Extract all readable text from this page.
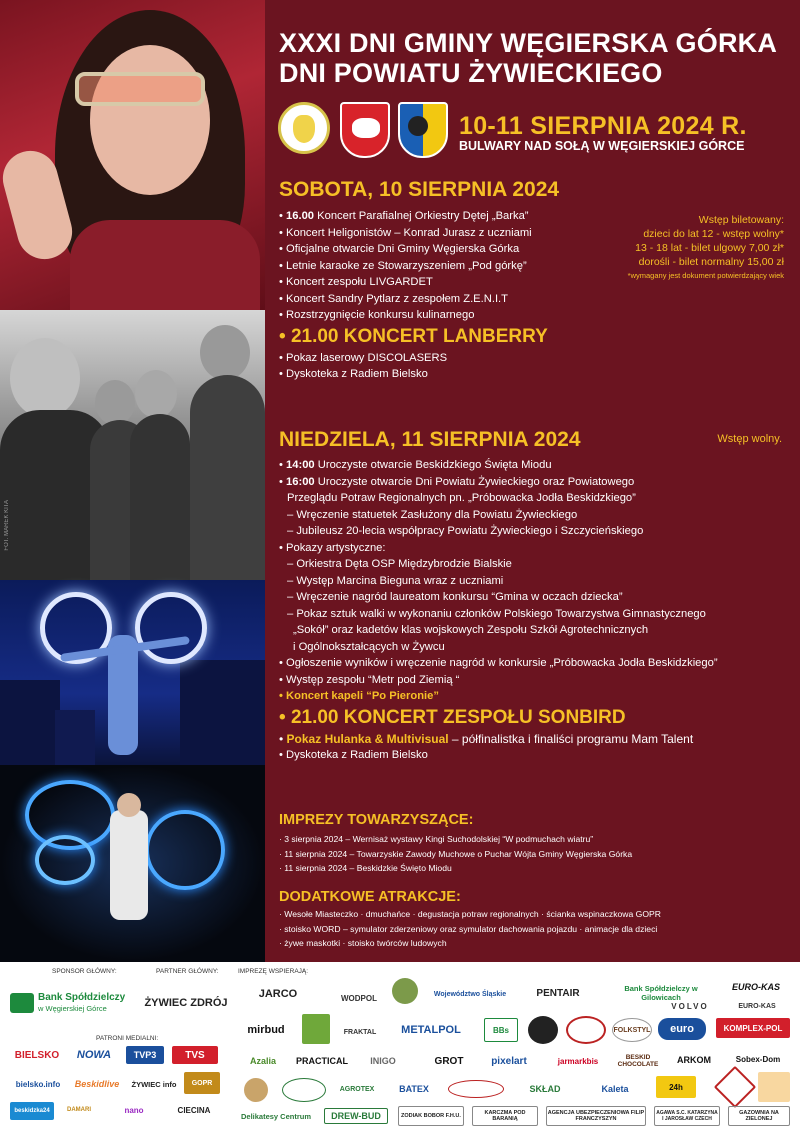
FOT. MAREK KITA
XXXI DNI GMINY WĘGIERSKA GÓRKA
DNI POWIATU ŻYWIECKIEGO
10-11 SIERPNIA 2024 R.
BULWARY NAD SOŁĄ W WĘGIERSKIEJ GÓRCE
SOBOTA, 10 SIERPNIA 2024
• 16.00 Koncert Parafialnej Orkiestry Dętej „Barka”
• Koncert Heligonistów – Konrad Jurasz z uczniami
• Oficjalne otwarcie Dni Gminy Węgierska Górka
• Letnie karaoke ze Stowarzyszeniem „Pod górkę”
• Koncert zespołu LIVGARDET
• Koncert Sandry Pytlarz z zespołem Z.E.N.I.T
• Rozstrzygnięcie konkursu kulinarnego
• 21.00 KONCERT LANBERRY
• Pokaz laserowy DISCOLASERS
• Dyskoteka z Radiem Bielsko
Wstęp biletowany:
dzieci do lat 12 - wstęp wolny*
13 - 18 lat - bilet ulgowy 7,00 zł*
dorośli - bilet normalny 15,00 zł
*wymagany jest dokument potwierdzający wiek
NIEDZIELA, 11 SIERPNIA 2024	Wstęp wolny.
• 14:00 Uroczyste otwarcie Beskidzkiego Święta Miodu
• 16:00 Uroczyste otwarcie Dni Powiatu Żywieckiego oraz Powiatowego
Przeglądu Potraw Regionalnych pn. „Próbowacka Jodła Beskidzkiego”
– Wręczenie statuetek Zasłużony dla Powiatu Żywieckiego
– Jubileusz 20-lecia współpracy Powiatu Żywieckiego i Szczycieńskiego
• Pokazy artystyczne:
– Orkiestra Dęta OSP Międzybrodzie Bialskie
– Występ Marcina Bieguna wraz z uczniami
– Wręczenie nagród laureatom konkursu “Gmina w oczach dziecka”
– Pokaz sztuk walki w wykonaniu członków Polskiego Towarzystwa Gimnastycznego
„Sokół” oraz kadetów klas wojskowych Zespołu Szkół Agrotechnicznych
i Ogólnokształcących w Żywcu
• Ogłoszenie wyników i wręczenie nagród w konkursie „Próbowacka Jodła Beskidzkiego”
• Występ zespołu “Metr pod Ziemią “
• Koncert kapeli “Po Pieronie”
• 21.00 KONCERT ZESPOŁU SONBIRD
• Pokaz Hulanka & Multivisual – półfinalistka i finaliści programu Mam Talent
• Dyskoteka z Radiem Bielsko
IMPREZY TOWARZYSZĄCE:
· 3 sierpnia 2024 – Wernisaż wystawy Kingi Suchodolskiej “W podmuchach wiatru”
· 11 sierpnia 2024 – Towarzyskie Zawody Muchowe o Puchar Wójta Gminy Węgierska Górka
· 11 sierpnia 2024 – Beskidzkie Święto Miodu
DODATKOWE ATRAKCJE:
· Wesołe Miasteczko · dmuchańce · degustacja potraw regionalnych · ścianka wspinaczkowa GOPR
· stoisko WORD – symulator zderzeniowy oraz symulator dachowania pojazdu · animacje dla dzieci
· żywe maskotki · stoisko twórców ludowych
SPONSOR GŁÓWNY:	PARTNER GŁÓWNY:	IMPREZĘ WSPIERAJĄ:
PATRONI MEDIALNI:
Bank Spółdzielczy
w Węgierskiej Górce	ŻYWIEC ZDRÓJ
JARCO	WODPOL	Województwo Śląskie	PENTAIR	Bank Spółdzielczy w Gilowicach
EURO-KAS
VOLVO	EURO-KAS
mirbud	FRAKTAL	METALPOL	BBs	FOLKSTYL	euro	KOMPLEX-POL
Azalia	PRACTICAL	INIGO	GROT	pixelart	jarmarkbis	BESKID CHOCOLATE	ARKOM	Sobex-Dom
AGROTEX	BATEX	SKŁAD	Kaleta	24h
DREW-BUD
Delikatesy Centrum	ZODIAK BOBOR F.H.U.	KARCZMA POD BARANIĄ
AGENCJA UBEZPIECZENIOWA FILIP FRANCZYSZYN
AGAWA S.C. KATARZYNA I JAROSŁAW CZECH
GAZOWNIA NA ZIELONEJ
BIELSKO	NOWA	TVP3	TVS
bielsko.info	Beskidlive	ŻYWIEC info	GOPR
beskidzka24	DAMARI	nano	CIECINA
